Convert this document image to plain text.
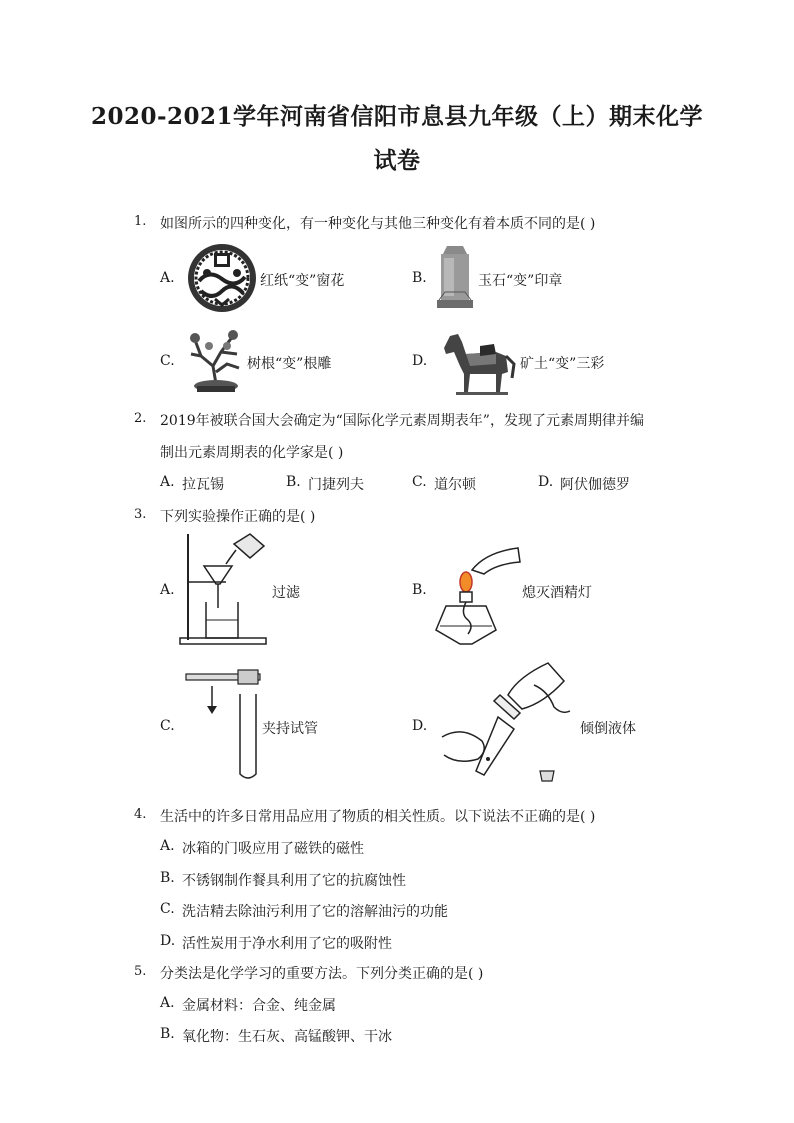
2020-2021学年河南省信阳市息县九年级（上）期末化学
试卷
1. 如图所示的四种变化，有一种变化与其他三种变化有着本质不同的是( )
A.	红纸“变”窗花	B.	玉石“变”印章
C.	树根“变”根雕	D.	矿土“变”三彩
2. 2019年被联合国大会确定为“国际化学元素周期表年”，发现了元素周期律并编
制出元素周期表的化学家是( )
A. 拉瓦锡	B. 门捷列夫	C. 道尔顿	D. 阿伏伽德罗
3. 下列实验操作正确的是( )
A.	过滤	B.	熄灭酒精灯
C.	夹持试管	D.	倾倒液体
4. 生活中的许多日常用品应用了物质的相关性质。以下说法不正确的是( )
A. 冰箱的门吸应用了磁铁的磁性
B. 不锈钢制作餐具利用了它的抗腐蚀性
C. 洗洁精去除油污利用了它的溶解油污的功能
D. 活性炭用于净水利用了它的吸附性
5. 分类法是化学学习的重要方法。下列分类正确的是( )
A. 金属材料：合金、纯金属
B. 氧化物：生石灰、高锰酸钾、干冰
